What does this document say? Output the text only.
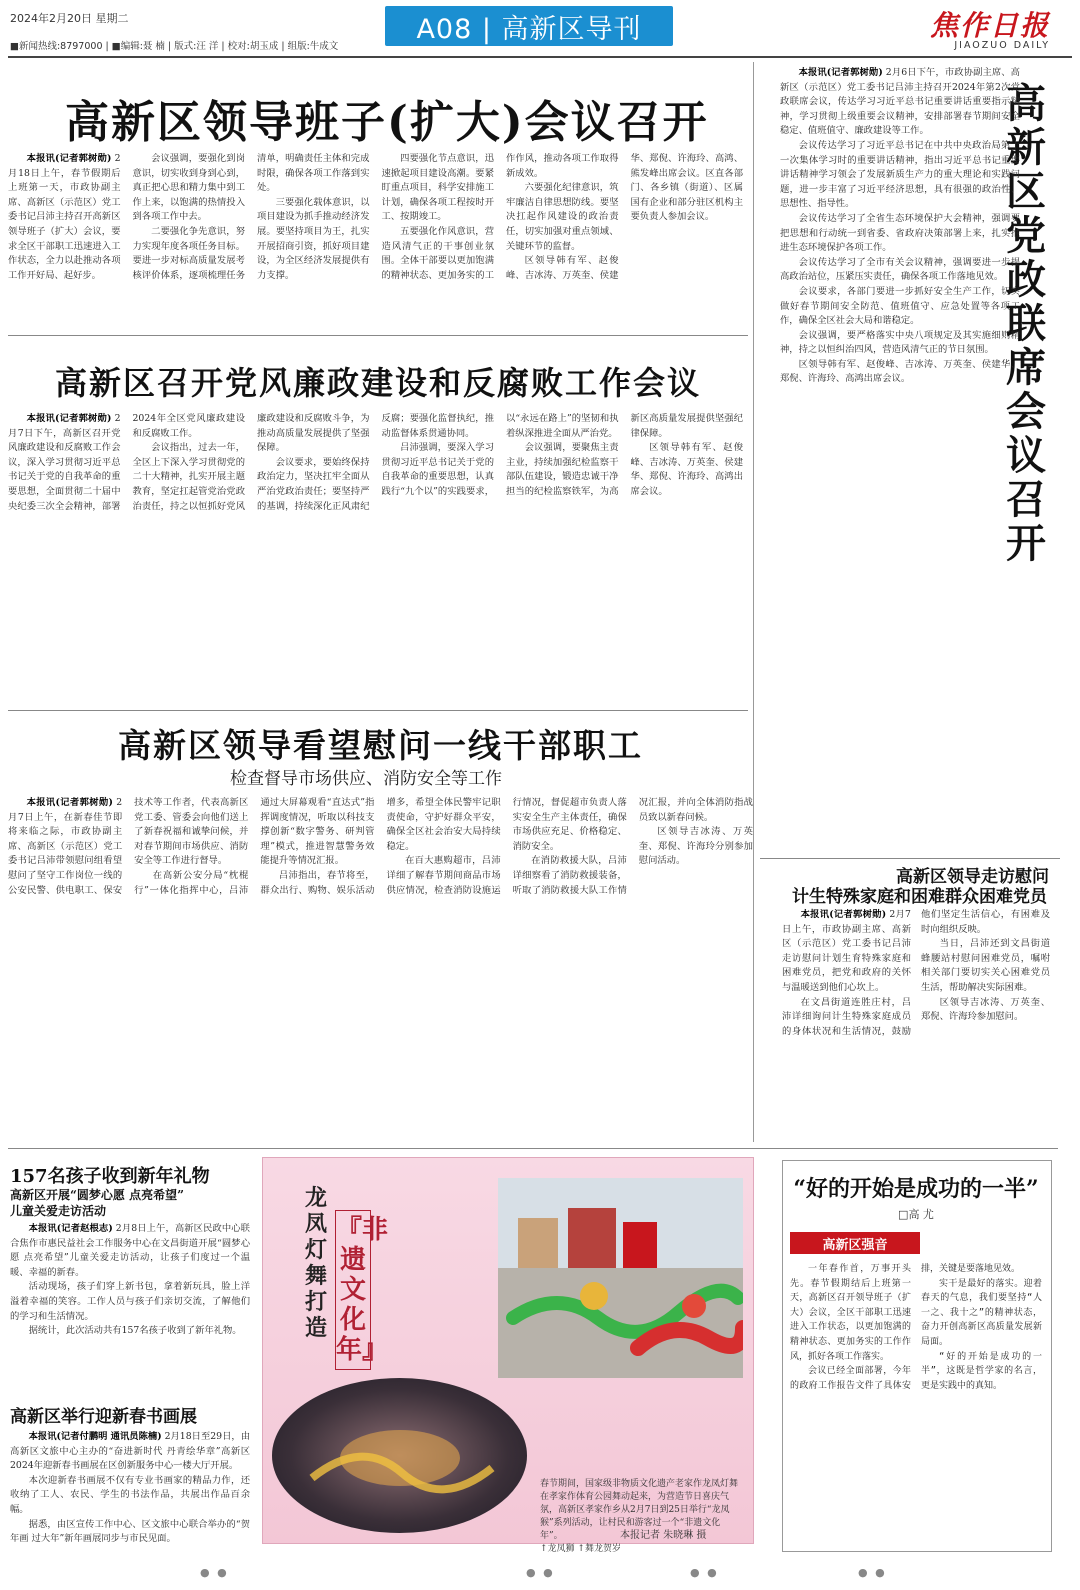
2024年2月20日 星期二
■新闻热线:8797000 | ■编辑:聂 楠 | 版式:汪 洋 | 校对:胡玉成 | 组版:牛成文
A08 | 高新区导刊	焦作日报
JIAOZUO DAILY
高新区领导班子(扩大)会议召开

本报讯(记者郭树勋) 2月18日上午，春节假期后上班第一天，市政协副主席、高新区（示范区）党工委书记吕沛主持召开高新区领导班子（扩大）会议，要求全区干部职工迅速进入工作状态，全力以赴推动各项工作开好局、起好步。

会议强调，要强化到岗意识，切实收到身到心到，真正把心思和精力集中到工作上来，以饱满的热情投入到各项工作中去。

二要强化争先意识，努力实现年度各项任务目标。要进一步对标高质量发展考核评价体系，逐项梳理任务清单，明确责任主体和完成时限，确保各项工作落到实处。

三要强化载体意识，以项目建设为抓手推动经济发展。要坚持项目为王，扎实开展招商引资，抓好项目建设，为全区经济发展提供有力支撑。

四要强化节点意识，迅速掀起项目建设高潮。要紧盯重点项目，科学安排施工计划，确保各项工程按时开工、按期竣工。

五要强化作风意识，营造风清气正的干事创业氛围。全体干部要以更加饱满的精神状态、更加务实的工作作风，推动各项工作取得新成效。

六要强化纪律意识，筑牢廉洁自律思想防线。要坚决扛起作风建设的政治责任，切实加强对重点领域、关键环节的监督。

区领导韩有军、赵俊峰、吉冰涛、万英奎、侯建华、郑倪、许海玲、高鸿、熊发峰出席会议。区直各部门、各乡镇（街道）、区属国有企业和部分驻区机构主要负责人参加会议。

高新区党政联席会议召开

本报讯(记者郭树勋) 2月6日下午，市政协副主席、高新区（示范区）党工委书记吕沛主持召开2024年第2次党政联席会议，传达学习习近平总书记重要讲话重要指示精神，学习贯彻上级重要会议精神，安排部署春节期间安全稳定、值班值守、廉政建设等工作。

会议传达学习了习近平总书记在中共中央政治局第十一次集体学习时的重要讲话精神，指出习近平总书记重要讲话精神学习领会了发展新质生产力的重大理论和实践问题，进一步丰富了习近平经济思想，具有很强的政治性、思想性、指导性。

会议传达学习了全省生态环境保护大会精神，强调要把思想和行动统一到省委、省政府决策部署上来，扎实推进生态环境保护各项工作。

会议传达学习了全市有关会议精神，强调要进一步提高政治站位，压紧压实责任，确保各项工作落地见效。

会议要求，各部门要进一步抓好安全生产工作，切实做好春节期间安全防范、值班值守、应急处置等各项工作，确保全区社会大局和谐稳定。

会议强调，要严格落实中央八项规定及其实施细则精神，持之以恒纠治四风，营造风清气正的节日氛围。

区领导韩有军、赵俊峰、吉冰涛、万英奎、侯建华、郑倪、许海玲、高鸿出席会议。

高新区召开党风廉政建设和反腐败工作会议

本报讯(记者郭树勋) 2月7日下午，高新区召开党风廉政建设和反腐败工作会议，深入学习贯彻习近平总书记关于党的自我革命的重要思想，全面贯彻二十届中央纪委三次全会精神，部署2024年全区党风廉政建设和反腐败工作。

会议指出，过去一年，全区上下深入学习贯彻党的二十大精神，扎实开展主题教育，坚定扛起管党治党政治责任，持之以恒抓好党风廉政建设和反腐败斗争，为推动高质量发展提供了坚强保障。

会议要求，要始终保持政治定力，坚决扛牢全面从严治党政治责任；要坚持严的基调，持续深化正风肃纪反腐；要强化监督执纪，推动监督体系贯通协同。

吕沛强调，要深入学习贯彻习近平总书记关于党的自我革命的重要思想，认真践行“九个以”的实践要求，以“永远在路上”的坚韧和执着纵深推进全面从严治党。

会议强调，要聚焦主责主业，持续加强纪检监察干部队伍建设，锻造忠诚干净担当的纪检监察铁军，为高新区高质量发展提供坚强纪律保障。

区领导韩有军、赵俊峰、吉冰涛、万英奎、侯建华、郑倪、许海玲、高鸿出席会议。

高新区领导看望慰问一线干部职工
检查督导市场供应、消防安全等工作

本报讯(记者郭树勋) 2月7日上午，在新春佳节即将来临之际，市政协副主席、高新区（示范区）党工委书记吕沛带领慰问组看望慰问了坚守工作岗位一线的公安民警、供电职工、保安技术等工作者，代表高新区党工委、管委会向他们送上了新春祝福和诚挚问候，并对春节期间市场供应、消防安全等工作进行督导。

在高新公安分局“枕棍行”一体化指挥中心，吕沛通过大屏幕观看“直达式”指挥调度情况，听取以科技支撑创新“数字警务、研判管理”模式，推进智慧警务效能提升等情况汇报。

吕沛指出，春节将至，群众出行、购物、娱乐活动增多，希望全体民警牢记职责使命，守护好群众平安，确保全区社会治安大局持续稳定。

在百大惠购超市，吕沛详细了解春节期间商品市场供应情况，检查消防设施运行情况，督促超市负责人落实安全生产主体责任，确保市场供应充足、价格稳定、消防安全。

在消防救援大队，吕沛详细察看了消防救援装备，听取了消防救援大队工作情况汇报，并向全体消防指战员致以新春问候。

区领导吉冰涛、万英奎、郑倪、许海玲分别参加慰问活动。

高新区领导走访慰问
计生特殊家庭和困难群众困难党员

本报讯(记者郭树勋) 2月7日上午，市政协副主席、高新区（示范区）党工委书记吕沛走访慰问计划生育特殊家庭和困难党员，把党和政府的关怀与温暖送到他们心坎上。

在文昌街道连胜庄村，吕沛详细询问计生特殊家庭成员的身体状况和生活情况，鼓励他们坚定生活信心，有困难及时向组织反映。

当日，吕沛还到文昌街道蜂腰站村慰问困难党员，嘱咐相关部门要切实关心困难党员生活，帮助解决实际困难。

区领导吉冰涛、万英奎、郑倪、许海玲参加慰问。

157名孩子收到新年礼物
高新区开展“圆梦心愿 点亮希望”
儿童关爱走访活动

本报讯(记者赵根志) 2月8日上午，高新区民政中心联合焦作市惠民益社会工作服务中心在文昌街道开展“圆梦心愿 点亮希望”儿童关爱走访活动，让孩子们度过一个温暖、幸福的新春。

活动现场，孩子们穿上新书包，拿着新玩具，脸上洋溢着幸福的笑容。工作人员与孩子们亲切交流，了解他们的学习和生活情况。

据统计，此次活动共有157名孩子收到了新年礼物。

高新区举行迎新春书画展

本报讯(记者付鹏明 通讯员陈楠) 2月18日至29日，由高新区文旅中心主办的“奋进新时代 丹青绘华章”高新区2024年迎新春书画展在区创新服务中心一楼大厅开展。

本次迎新春书画展不仅有专业书画家的精品力作，还收纳了工人、农民、学生的书法作品，共展出作品百余幅。

据悉，由区宣传工作中心、区文旅中心联合举办的“贺年画 过大年”新年画展同步与市民见面。

龙凤灯舞打造
『非遗文化年』
春节期间，国家级非物质文化遗产老家作龙凤灯舞在孝家作体育公园舞动起来，为营造节日喜庆气氛，高新区孝家作乡从2月7日到25日举行“龙凤猴”系列活动，让村民和游客过一个“非遗文化年”。
↑龙凤狮 ↑舞龙贺岁
本报记者 朱晓琳 摄
“好的开始是成功的一半”
□高 尤
高新区强音

一年春作首，万事开头先。春节假期结后上班第一天，高新区召开领导班子（扩大）会议，全区干部职工迅速进入工作状态，以更加饱满的精神状态、更加务实的工作作风，抓好各项工作落实。

会议已经全面部署，今年的政府工作报告文件了具体安排，关键是要落地见效。

实干是最好的落实。迎着春天的气息，我们要坚持“人一之、我十之”的精神状态，奋力开创高新区高质量发展新局面。

“好的开始是成功的一半”，这既是哲学家的名言，更是实践中的真知。

● ●	● ●	● ●	● ●
